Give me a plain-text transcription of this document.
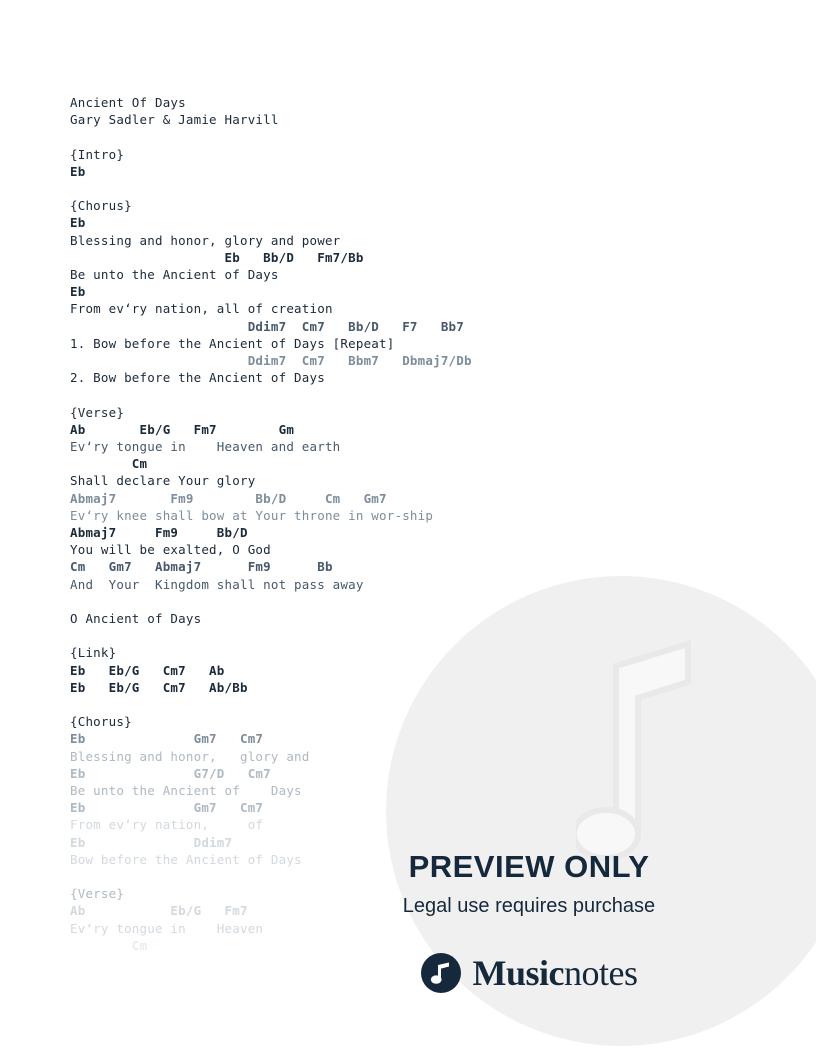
Ancient Of Days
Gary Sadler & Jamie Harvill
{Intro}
Eb
{Chorus}
Eb
Blessing and honor, glory and power
Eb   Bb/D   Fm7/Bb
Be unto the Ancient of Days
Eb
From ev‘ry nation, all of creation
Ddim7  Cm7   Bb/D   F7   Bb7
1. Bow before the Ancient of Days [Repeat]
Ddim7  Cm7   Bbm7   Dbmaj7/Db
2. Bow before the Ancient of Days
{Verse}
Ab       Eb/G   Fm7        Gm
Ev‘ry tongue in    Heaven and earth
Cm
Shall declare Your glory
Abmaj7       Fm9        Bb/D     Cm   Gm7
Ev‘ry knee shall bow at Your throne in wor-ship
Abmaj7     Fm9     Bb/D
You will be exalted, O God
Cm   Gm7   Abmaj7      Fm9      Bb
And  Your  Kingdom shall not pass away
O Ancient of Days
{Link}
Eb   Eb/G   Cm7   Ab
Eb   Eb/G   Cm7   Ab/Bb
{Chorus}
Eb              Gm7   Cm7
Blessing and honor,   glory and
Eb              G7/D   Cm7
Be unto the Ancient of    Days
Eb              Gm7   Cm7
From ev‘ry nation,     of
Eb              Ddim7
Bow before the Ancient of Days
{Verse}
Ab           Eb/G   Fm7
Ev‘ry tongue in    Heaven
Cm
PREVIEW ONLY
Legal use requires purchase
Musicnotes
